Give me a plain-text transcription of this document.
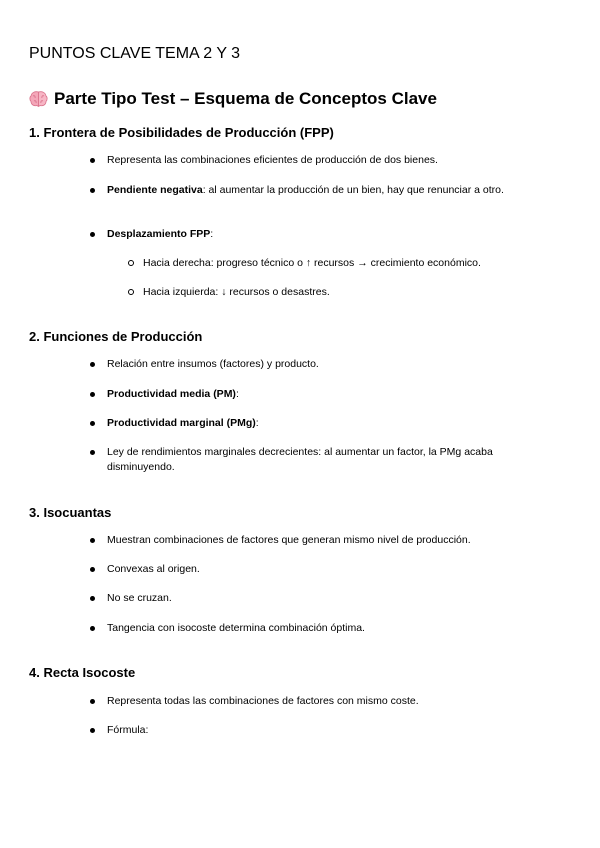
PUNTOS CLAVE TEMA 2 Y 3
Parte Tipo Test – Esquema de Conceptos Clave
1. Frontera de Posibilidades de Producción (FPP)

Representa las combinaciones eficientes de producción de dos bienes.

Pendiente negativa: al aumentar la producción de un bien, hay que renunciar a otro.

Desplazamiento FPP:

Hacia derecha: progreso técnico o ↑ recursos → crecimiento económico.

Hacia izquierda: ↓ recursos o desastres.

2. Funciones de Producción

Relación entre insumos (factores) y producto.

Productividad media (PM):

Productividad marginal (PMg):

Ley de rendimientos marginales decrecientes: al aumentar un factor, la PMg acaba disminuyendo.

3. Isocuantas

Muestran combinaciones de factores que generan mismo nivel de producción.

Convexas al origen.

No se cruzan.

Tangencia con isocoste determina combinación óptima.

4. Recta Isocoste

Representa todas las combinaciones de factores con mismo coste.

Fórmula:
